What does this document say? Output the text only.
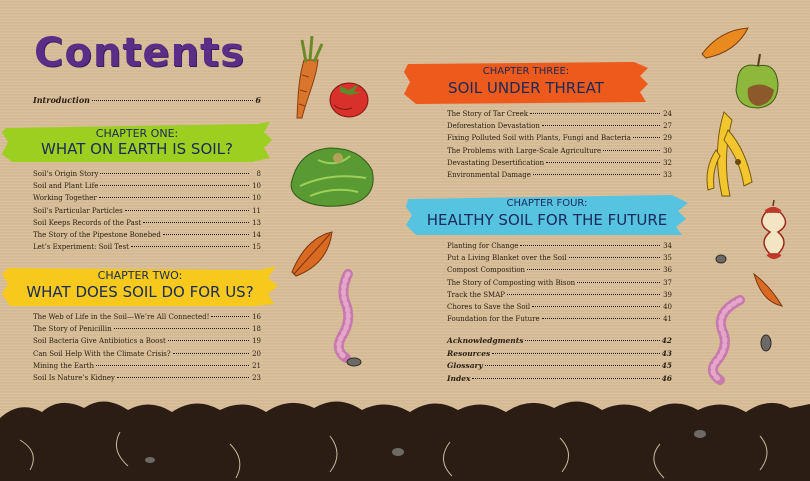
Contents
Introduction	6
CHAPTER ONE:
WHAT ON EARTH IS SOIL?
CHAPTER TWO:
WHAT DOES SOIL DO FOR US?
CHAPTER THREE:
SOIL UNDER THREAT
CHAPTER FOUR:
HEALTHY SOIL FOR THE FUTURE
Soil’s Origin Story	8
Soil and Plant Life	10
Working Together	10
Soil’s Particular Particles	11
Soil Keeps Records of the Past	13
The Story of the Pipestone Bonebed	14
Let’s Experiment: Soil Test	15
The Web of Life in the Soil—We’re All Connected!	16
The Story of Penicillin	18
Soil Bacteria Give Antibiotics a Boost	19
Can Soil Help With the Climate Crisis?	20
Mining the Earth	21
Soil Is Nature’s Kidney	23
The Story of Tar Creek	24
Deforestation Devastation	27
Fixing Polluted Soil with Plants, Fungi and Bacteria	29
The Problems with Large-Scale Agriculture	30
Devastating Desertification	32
Environmental Damage	33
Planting for Change	34
Put a Living Blanket over the Soil	35
Compost Composition	36
The Story of Composting with Bison	37
Track the SMAP	39
Chores to Save the Soil	40
Foundation for the Future	41
Acknowledgments	42
Resources	43
Glossary	45
Index	46
